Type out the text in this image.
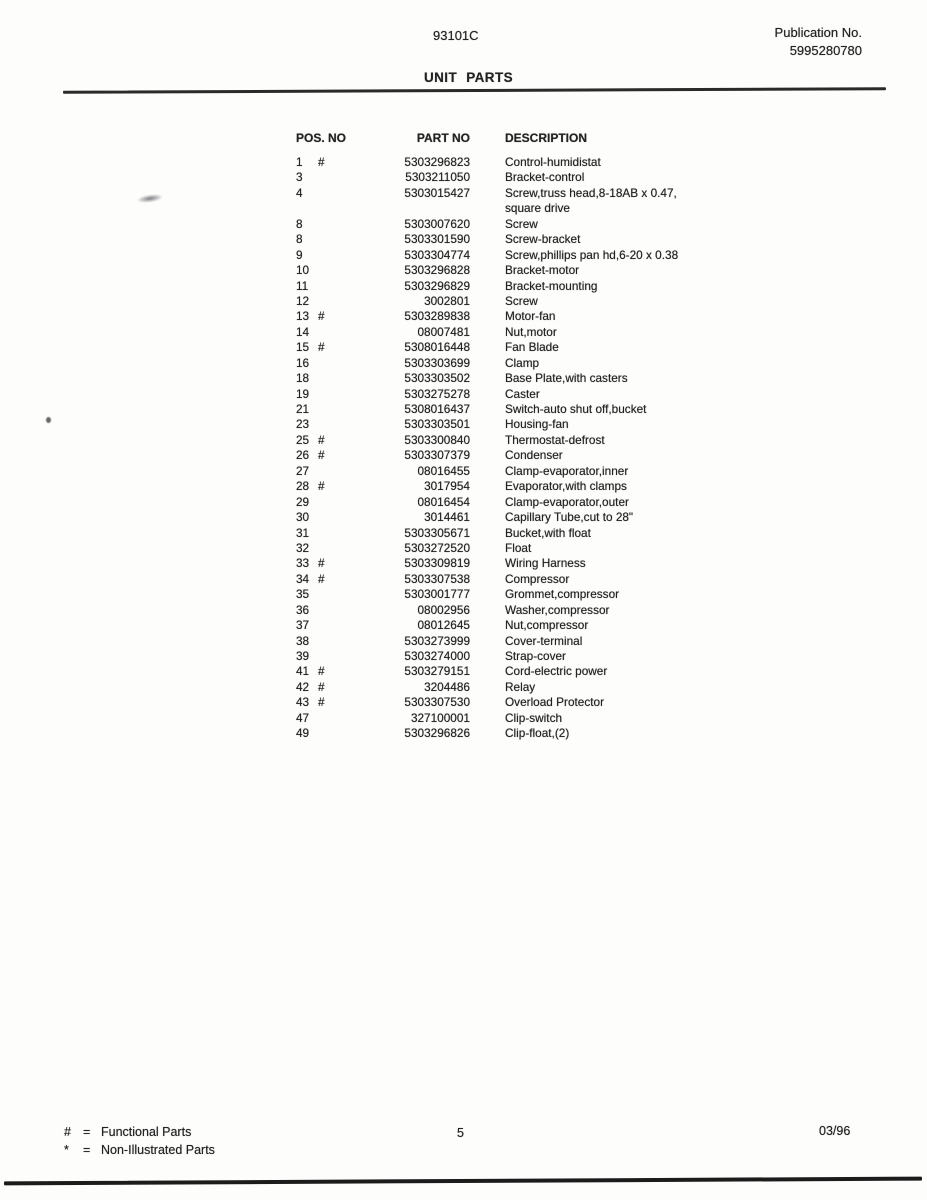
93101C	Publication No.
5995280780
UNIT PARTS
POS. NO	PART NO	DESCRIPTION
1 #	5303296823	Control-humidistat
3	5303211050	Bracket-control
4	5303015427	Screw,truss head,8-18AB x 0.47,
square drive
8	5303007620	Screw
8	5303301590	Screw-bracket
9	5303304774	Screw,phillips pan hd,6-20 x 0.38
10	5303296828	Bracket-motor
11	5303296829	Bracket-mounting
12	3002801	Screw
13 #	5303289838	Motor-fan
14	08007481	Nut,motor
15 #	5308016448	Fan Blade
16	5303303699	Clamp
18	5303303502	Base Plate,with casters
19	5303275278	Caster
21	5308016437	Switch-auto shut off,bucket
23	5303303501	Housing-fan
25 #	5303300840	Thermostat-defrost
26 #	5303307379	Condenser
27	08016455	Clamp-evaporator,inner
28 #	3017954	Evaporator,with clamps
29	08016454	Clamp-evaporator,outer
30	3014461	Capillary Tube,cut to 28"
31	5303305671	Bucket,with float
32	5303272520	Float
33 #	5303309819	Wiring Harness
34 #	5303307538	Compressor
35	5303001777	Grommet,compressor
36	08002956	Washer,compressor
37	08012645	Nut,compressor
38	5303273999	Cover-terminal
39	5303274000	Strap-cover
41 #	5303279151	Cord-electric power
42 #	3204486	Relay
43 #	5303307530	Overload Protector
47	327100001	Clip-switch
49	5303296826	Clip-float,(2)
# = Functional Parts
* = Non-Illustrated Parts
5	03/96
